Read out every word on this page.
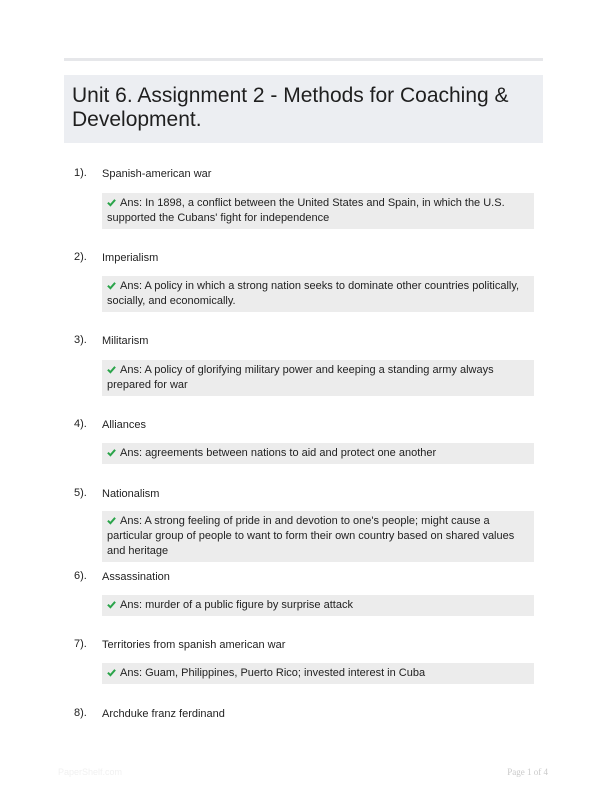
Unit 6. Assignment 2 - Methods for Coaching & Development.
1). Spanish-american war
Ans: In 1898, a conflict between the United States and Spain, in which the U.S. supported the Cubans' fight for independence
2). Imperialism
Ans: A policy in which a strong nation seeks to dominate other countries politically, socially, and economically.
3). Militarism
Ans: A policy of glorifying military power and keeping a standing army always prepared for war
4). Alliances
Ans: agreements between nations to aid and protect one another
5). Nationalism
Ans: A strong feeling of pride in and devotion to one's people; might cause a particular group of people to want to form their own country based on shared values and heritage
6). Assassination
Ans: murder of a public figure by surprise attack
7). Territories from spanish american war
Ans: Guam, Philippines, Puerto Rico; invested interest in Cuba
8). Archduke franz ferdinand
PaperShelf.com	Page 1 of 4
